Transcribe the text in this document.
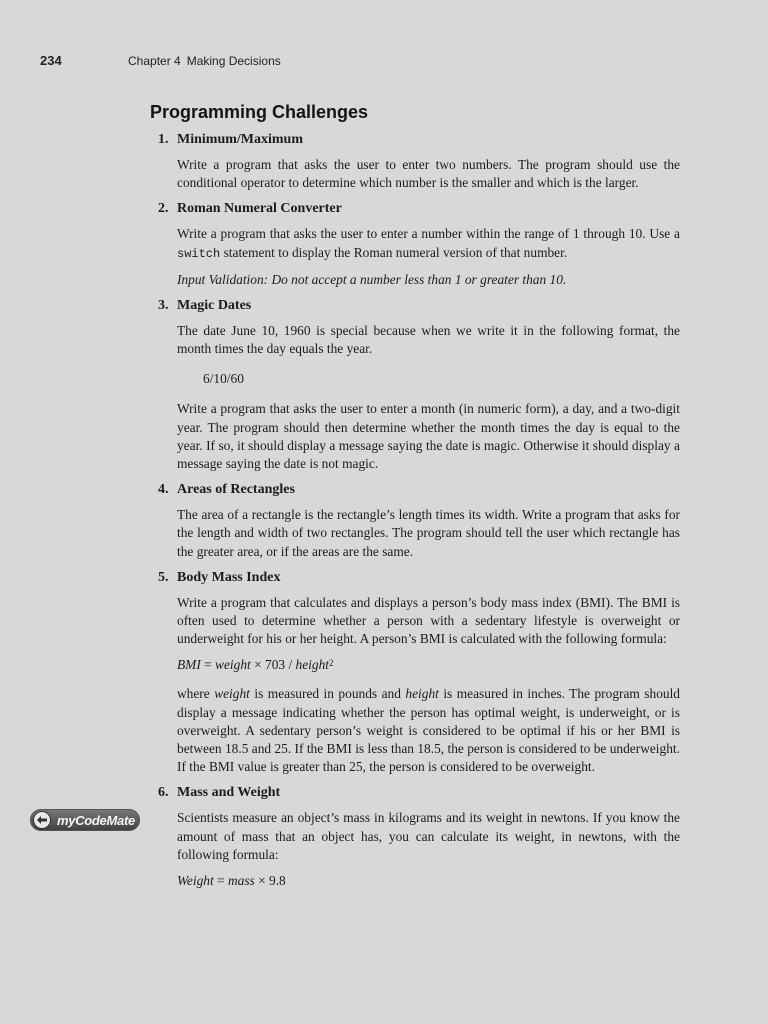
234	Chapter 4 Making Decisions
myCodeMate
Programming Challenges
1. Minimum/Maximum

Write a program that asks the user to enter two numbers. The program should use the conditional operator to determine which number is the smaller and which is the larger.

2. Roman Numeral Converter

Write a program that asks the user to enter a number within the range of 1 through 10. Use a switch statement to display the Roman numeral version of that number.

Input Validation: Do not accept a number less than 1 or greater than 10.

3. Magic Dates

The date June 10, 1960 is special because when we write it in the following format, the month times the day equals the year.

6/10/60

Write a program that asks the user to enter a month (in numeric form), a day, and a two-digit year. The program should then determine whether the month times the day is equal to the year. If so, it should display a message saying the date is magic. Otherwise it should display a message saying the date is not magic.

4. Areas of Rectangles

The area of a rectangle is the rectangle’s length times its width. Write a program that asks for the length and width of two rectangles. The program should tell the user which rectangle has the greater area, or if the areas are the same.

5. Body Mass Index

Write a program that calculates and displays a person’s body mass index (BMI). The BMI is often used to determine whether a person with a sedentary lifestyle is overweight or underweight for his or her height. A person’s BMI is calculated with the following formula:

BMI = weight × 703 / height$^2$

where weight is measured in pounds and height is measured in inches. The program should display a message indicating whether the person has optimal weight, is underweight, or is overweight. A sedentary person’s weight is considered to be optimal if his or her BMI is between 18.5 and 25. If the BMI is less than 18.5, the person is considered to be underweight. If the BMI value is greater than 25, the person is considered to be overweight.

6. Mass and Weight

Scientists measure an object’s mass in kilograms and its weight in newtons. If you know the amount of mass that an object has, you can calculate its weight, in newtons, with the following formula:

Weight = mass × 9.8
